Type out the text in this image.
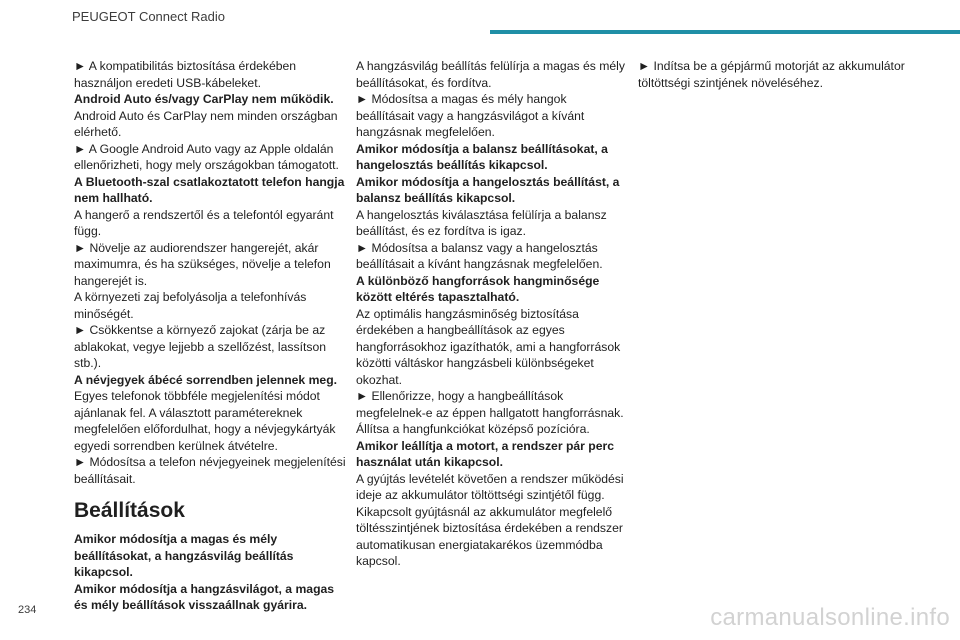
PEUGEOT Connect Radio

► A kompatibilitás biztosítása érdekében használjon eredeti USB-kábeleket.

Android Auto és/vagy CarPlay nem működik.

Android Auto és CarPlay nem minden országban elérhető.

► A Google Android Auto vagy az Apple oldalán ellenőrizheti, hogy mely országokban támogatott.

A Bluetooth-szal csatlakoztatott telefon hangja nem hallható.

A hangerő a rendszertől és a telefontól egyaránt függ.

► Növelje az audiorendszer hangerejét, akár maximumra, és ha szükséges, növelje a telefon hangerejét is.

A környezeti zaj befolyásolja a telefonhívás minőségét.

► Csökkentse a környező zajokat (zárja be az ablakokat, vegye lejjebb a szellőzést, lassítson stb.).

A névjegyek ábécé sorrendben jelennek meg.

Egyes telefonok többféle megjelenítési módot ajánlanak fel. A választott paramétereknek megfelelően előfordulhat, hogy a névjegykártyák egyedi sorrendben kerülnek átvételre.

► Módosítsa a telefon névjegyeinek megjelenítési beállításait.

Beállítások

Amikor módosítja a magas és mély beállításokat, a hangzásvilág beállítás kikapcsol.

Amikor módosítja a hangzásvilágot, a magas és mély beállítások visszaállnak gyárira.

A hangzásvilág beállítás felülírja a magas és mély beállításokat, és fordítva.

► Módosítsa a magas és mély hangok beállításait vagy a hangzásvilágot a kívánt hangzásnak megfelelően.

Amikor módosítja a balansz beállításokat, a hangelosztás beállítás kikapcsol.

Amikor módosítja a hangelosztás beállítást, a balansz beállítás kikapcsol.

A hangelosztás kiválasztása felülírja a balansz beállítást, és ez fordítva is igaz.

► Módosítsa a balansz vagy a hangelosztás beállításait a kívánt hangzásnak megfelelően.

A különböző hangforrások hangminősége között eltérés tapasztalható.

Az optimális hangzásminőség biztosítása érdekében a hangbeállítások az egyes hangforrásokhoz igazíthatók, ami a hangforrások közötti váltáskor hangzásbeli különbségeket okozhat.

► Ellenőrizze, hogy a hangbeállítások megfelelnek-e az éppen hallgatott hangforrásnak. Állítsa a hangfunkciókat középső pozícióra.

Amikor leállítja a motort, a rendszer pár perc használat után kikapcsol.

A gyújtás levételét követően a rendszer működési ideje az akkumulátor töltöttségi szintjétől függ.

Kikapcsolt gyújtásnál az akkumulátor megfelelő töltésszintjének biztosítása érdekében a rendszer automatikusan energiatakarékos üzemmódba kapcsol.

► Indítsa be a gépjármű motorját az akkumulátor töltöttségi szintjének növeléséhez.

234	carmanualsonline.info
